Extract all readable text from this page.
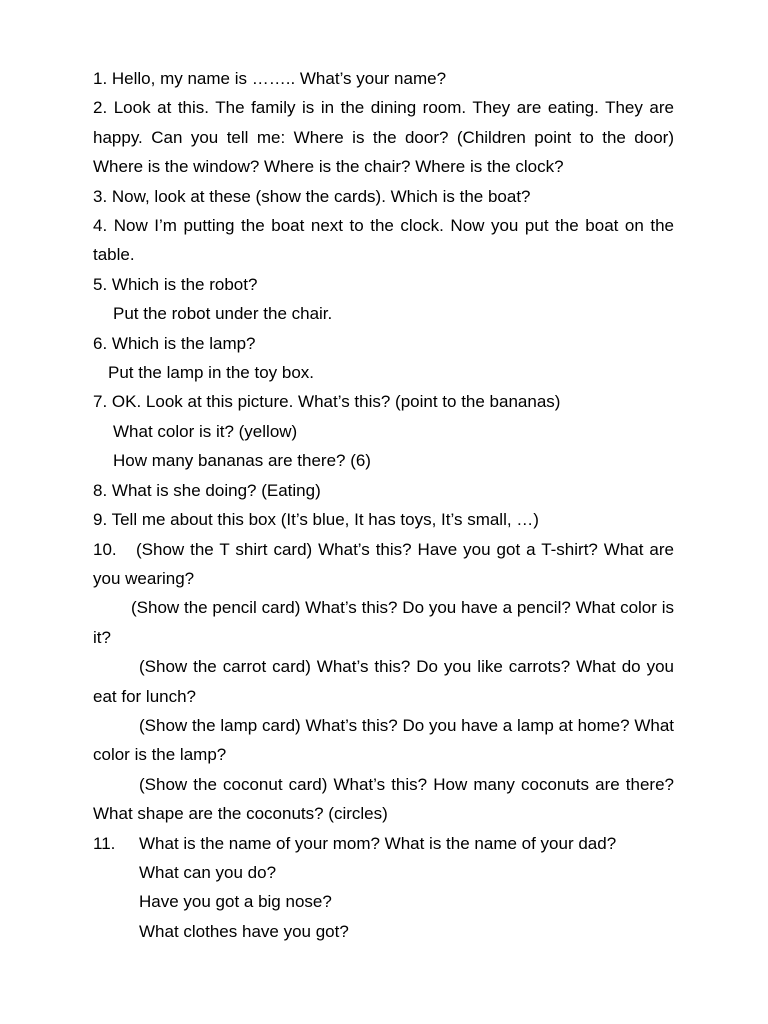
1. Hello, my name is …….. What’s your name?

2. Look at this. The family is in the dining room. They are eating. They are happy. Can you tell me: Where is the door? (Children point to the door) Where is the window? Where is the chair? Where is the clock?

3. Now, look at these (show the cards). Which is the boat?

4. Now I’m putting the boat next to the clock. Now you put the boat on the table.

5. Which is the robot?

Put the robot under the chair.

6. Which is the lamp?

Put the lamp in the toy box.

7. OK. Look at this picture. What’s this? (point to the bananas)

What color is it? (yellow)

How many bananas are there? (6)

8. What is she doing? (Eating)

9. Tell me about this box (It’s blue, It has toys, It’s small, …)

10. (Show the T shirt card) What’s this? Have you got a T-shirt? What are you wearing?

(Show the pencil card) What’s this? Do you have a pencil? What color is it?

(Show the carrot card) What’s this? Do you like carrots? What do you eat for lunch?

(Show the lamp card) What’s this? Do you have a lamp at home? What color is the lamp?

(Show the coconut card) What’s this? How many coconuts are there? What shape are the coconuts? (circles)

11. What is the name of your mom? What is the name of your dad?

What can you do?

Have you got a big nose?

What clothes have you got?
